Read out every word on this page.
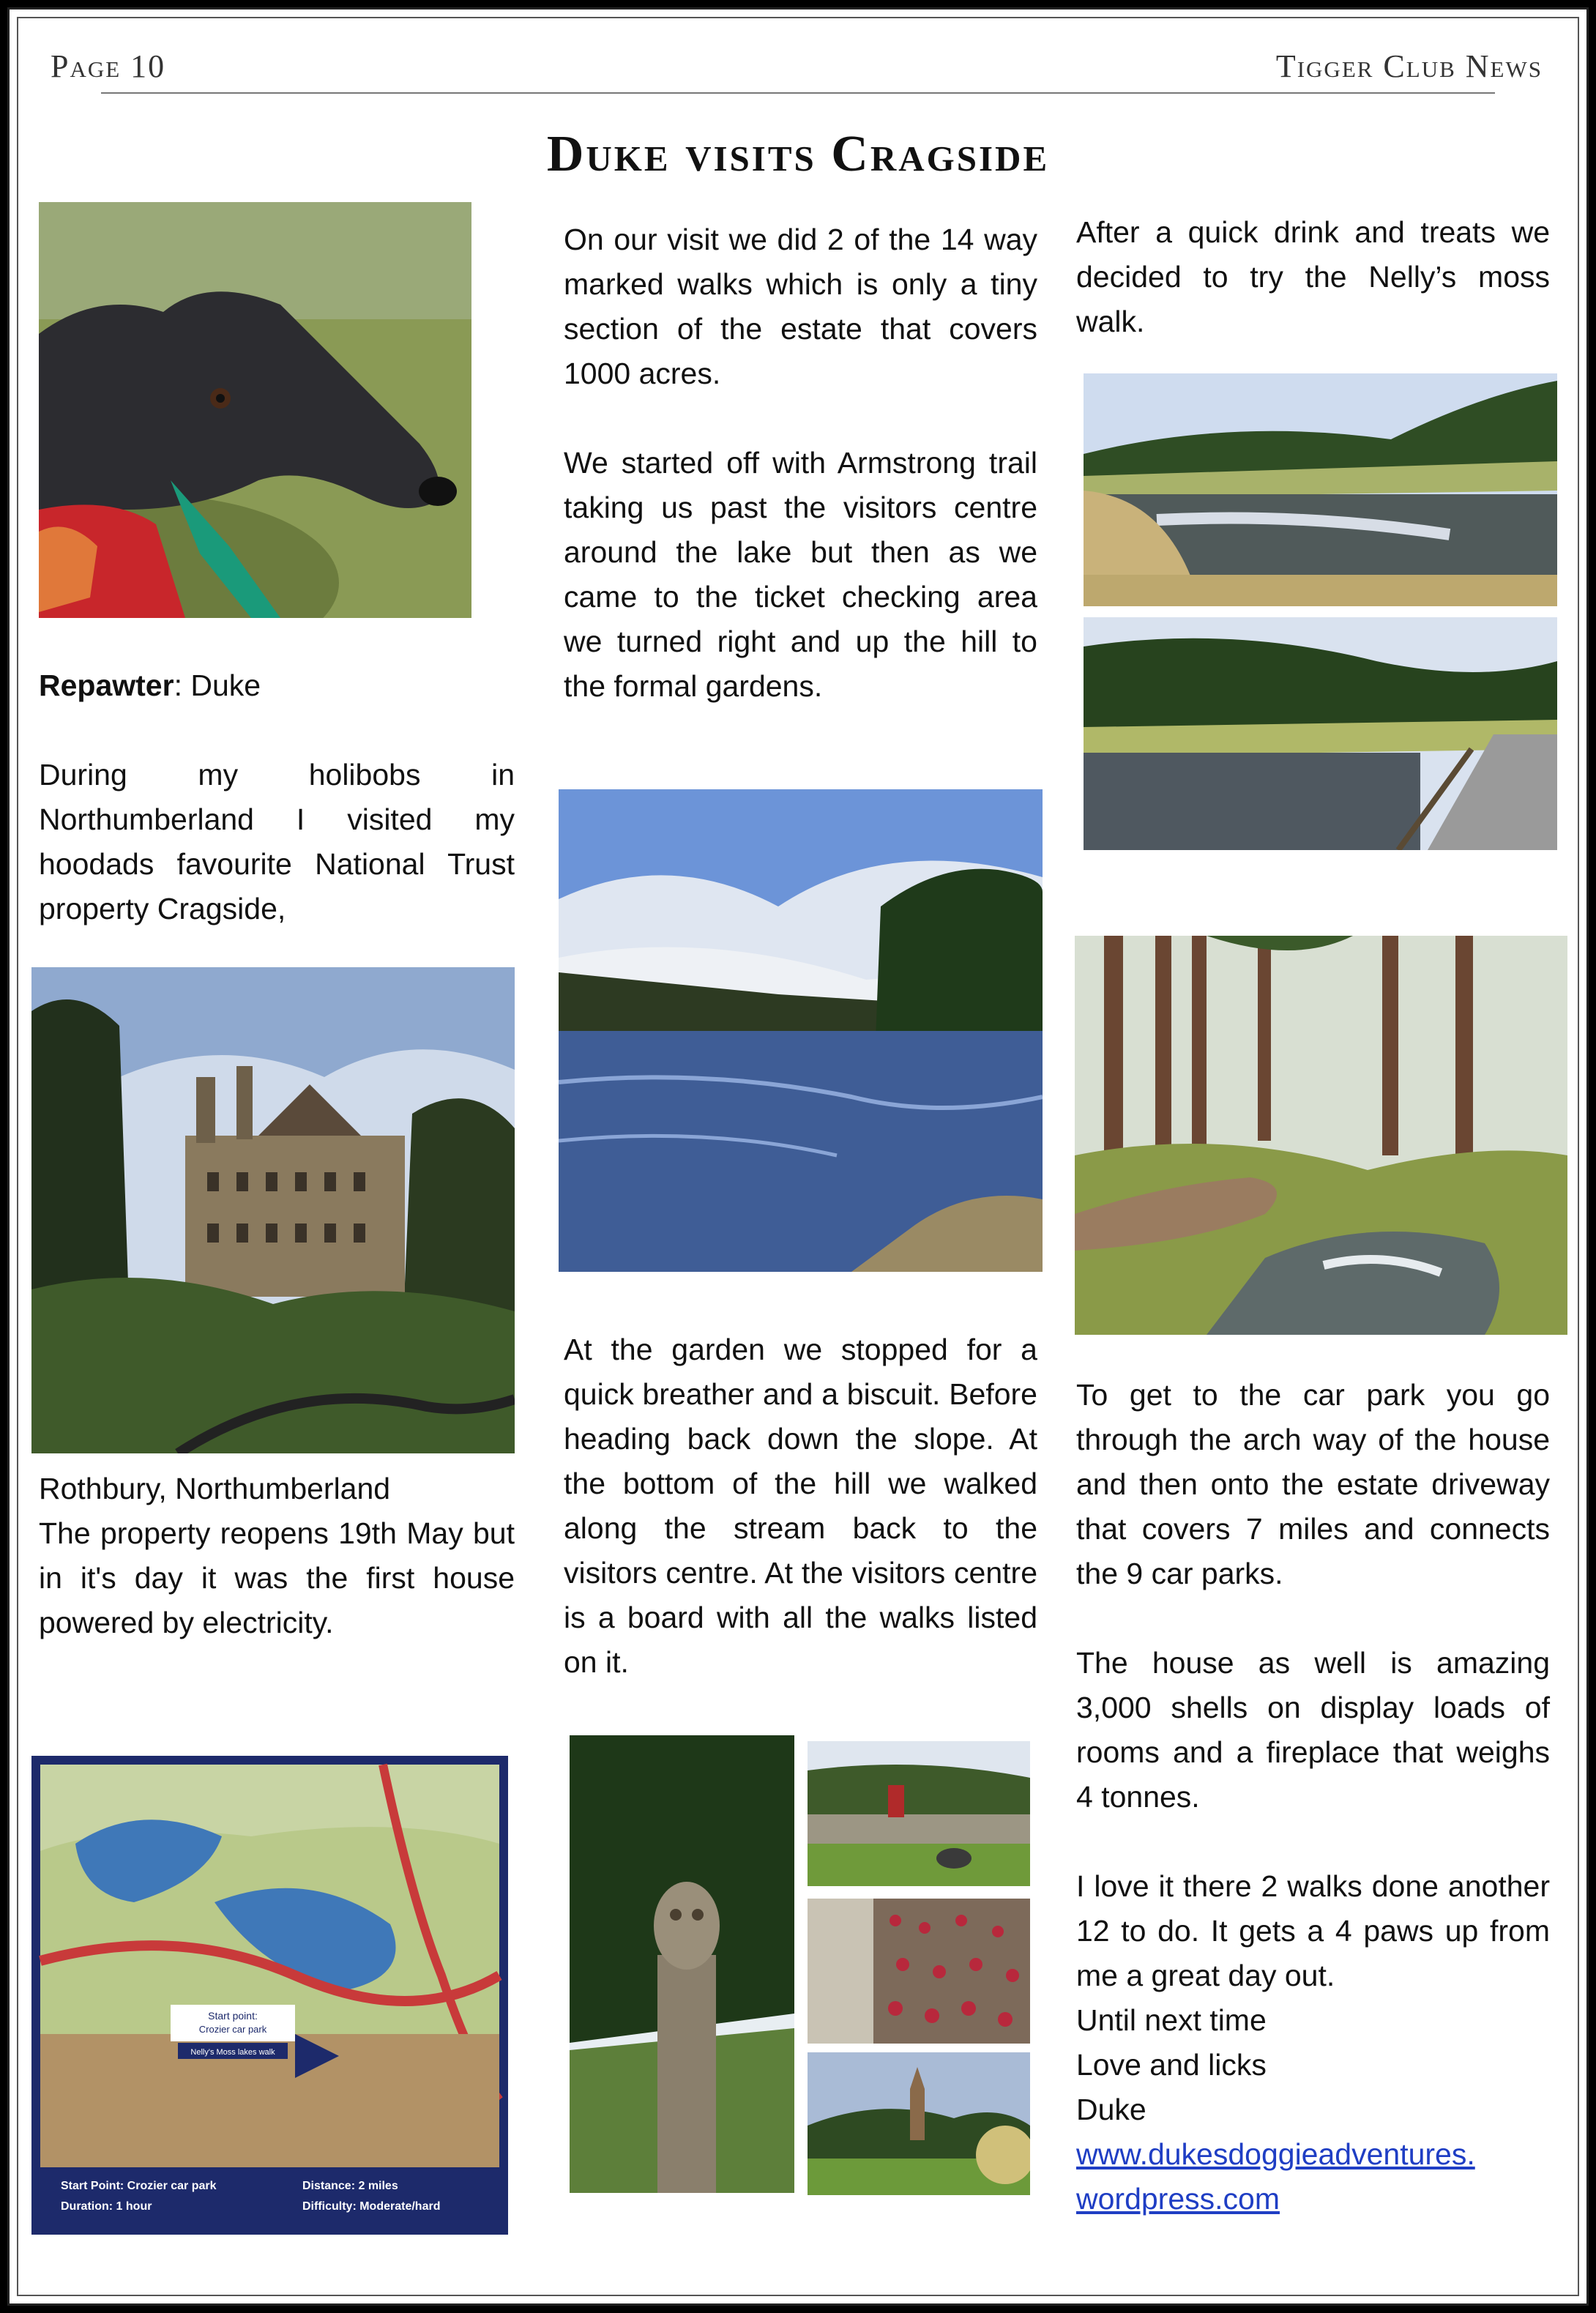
Page 10	Tigger Club News
Duke visits Cragside
Repawter: Duke

During my holibobs in Northumberland I visited my hoodads favourite National Trust property Cragside,

Rothbury, Northumberland

The property reopens 19th May but in it's day it was the first house powered by electricity.

Start point:
Crozier car park
Nelly's Moss lakes walk
Start Point: Crozier car park
Duration: 1 hour
Distance: 2 miles
Difficulty: Moderate/hard

On our visit we did 2 of the 14 way marked walks which is only a tiny section of the estate that covers 1000 acres.

We started off with Armstrong trail taking us past the visitors centre around the lake but then as we came to the ticket checking area we turned right and up the hill to the formal gardens.

At the garden we stopped for a quick breather and a biscuit. Before heading back down the slope. At the bottom of the hill we walked along the stream back to the visitors centre. At the visitors centre is a board with all the walks listed on it.

After a quick drink and treats we decided to try the Nelly’s moss walk.

To get to the car park you go through the arch way of the house and then onto the estate driveway that covers 7 miles and connects the 9 car parks.

The house as well is amazing 3,000 shells on display loads of rooms and a fireplace that weighs 4 tonnes.

I love it there 2 walks done another 12 to do. It gets a 4 paws up from me a great day out.

Until next time

Love and licks

Duke

www.dukesdoggieadventures.
wordpress.com
